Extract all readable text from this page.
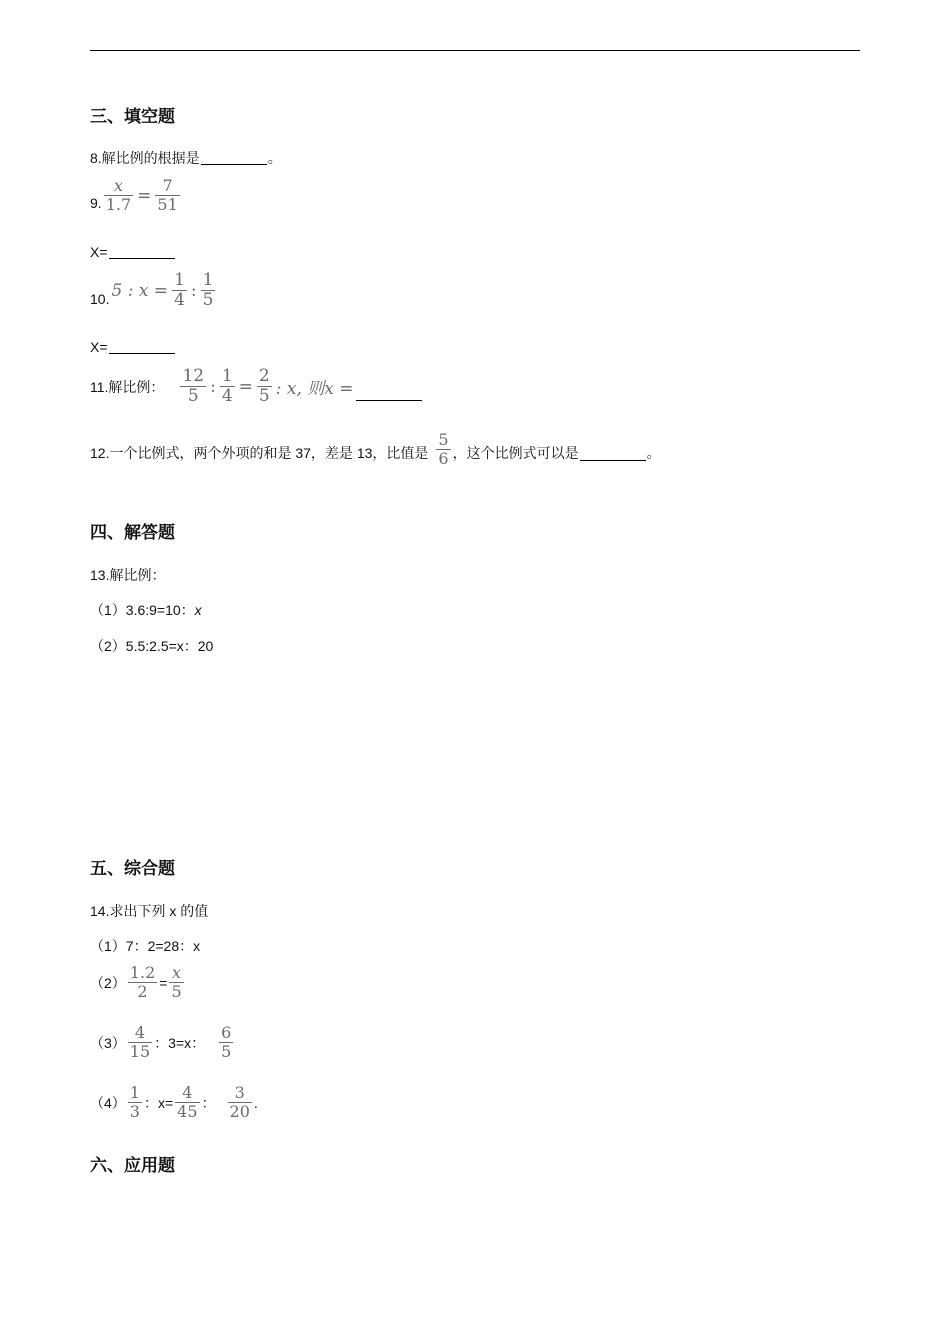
三、填空题
8.解比例的根据是	。
9. $\frac{x}{1.7} = \frac{7}{51}$
X=
10. 5 : $x = \frac{1}{4}$ : $\frac{1}{5}$
X=
11.解比例： $\frac{12}{5}$ : $\frac{1}{4} = \frac{2}{5}$ : x, 则x =
12.一个比例式，两个外项的和是 37，差是 13，比值是 $\frac{5}{6}$ ，这个比例式可以是	。
四、解答题
13.解比例：
（1）3.6:9=10： x
（2）5.5:2.5=x：20
五、综合题
14.求出下列 x 的值
（1）7：2=28：x
$(2) \frac{1.2}{2} = \frac{x}{5}$
$(3) \frac{4}{15}$ ：3=x： $\frac{6}{5}$
$(4) \frac{1}{3}$ ：$x= \frac{4}{45}$ ： $\frac{3}{20}$ .
六、应用题
